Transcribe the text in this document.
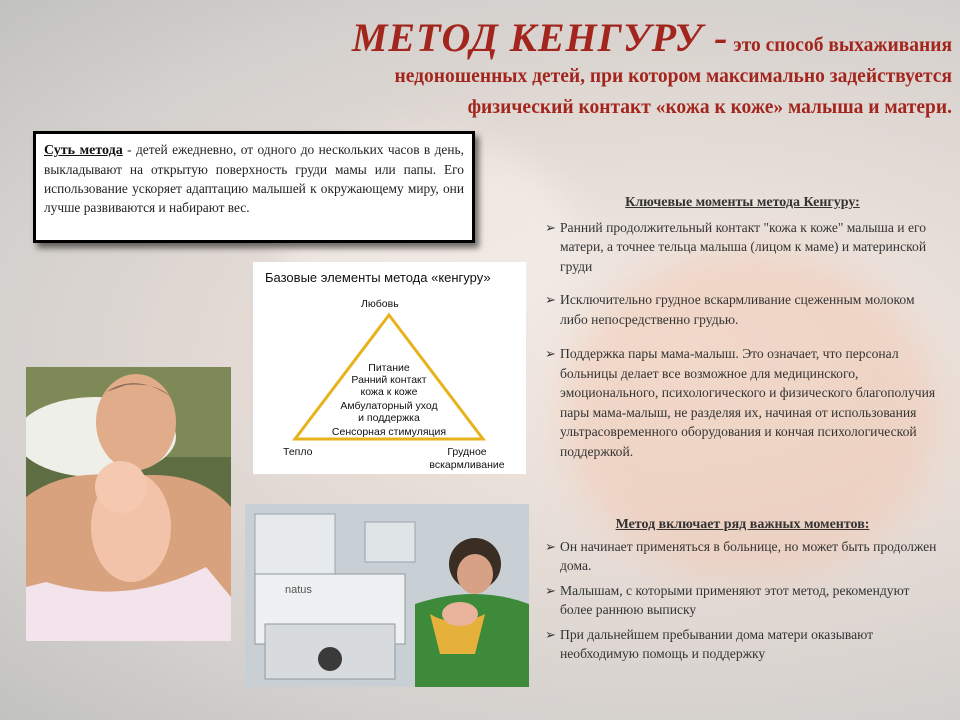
МЕТОД КЕНГУРУ - это способ выхаживания
недоношенных детей, при котором максимально задействуется
физический контакт «кожа к коже» малыша и матери.
Суть метода - детей ежедневно, от одного до нескольких часов в день, выкладывают на открытую поверхность груди мамы или папы. Его использование ускоряет адаптацию малышей к окружающему миру, они лучше развиваются и набирают вес.
Базовые элементы метода «кенгуру»
Любовь
Питание
Ранний контакт
кожа к коже
Амбулаторный уход
и поддержка
Сенсорная стимуляция
Тепло	Грудное
вскармливание
natus
Ключевые моменты метода Кенгуру:
➢ Ранний продолжительный контакт "кожа к коже" малыша и его матери, а точнее тельца малыша (лицом к маме) и материнской груди
➢ Исключительно грудное вскармливание сцеженным молоком либо непосредственно грудью.
➢ Поддержка пары мама-малыш. Это означает, что персонал больницы делает все возможное для медицинского, эмоционального, психологического и физического благополучия пары мама-малыш, не разделяя их, начиная от использования ультрасовременного оборудования и кончая психологической поддержкой.
Метод включает ряд важных моментов:
➢ Он начинает применяться в больнице, но может быть продолжен дома.
➢ Малышам, с которыми применяют этот метод, рекомендуют более раннюю выписку
➢ При дальнейшем пребывании дома матери оказывают необходимую помощь и поддержку
